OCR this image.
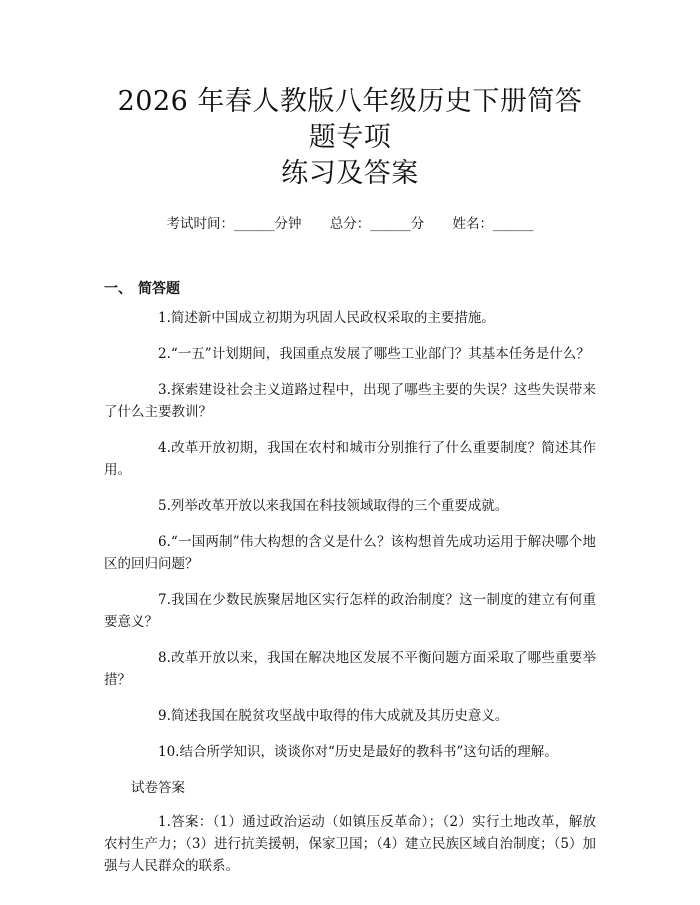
2026 年春人教版八年级历史下册简答题专项
练习及答案
考试时间：______分钟 总分：______分 姓名：______
一、 简答题

1.简述新中国成立初期为巩固人民政权采取的主要措施。

2.“一五”计划期间，我国重点发展了哪些工业部门？其基本任务是什么？

3.探索建设社会主义道路过程中，出现了哪些主要的失误？这些失误带来了什么主要教训？

4.改革开放初期，我国在农村和城市分别推行了什么重要制度？简述其作用。

5.列举改革开放以来我国在科技领域取得的三个重要成就。

6.“一国两制”伟大构想的含义是什么？该构想首先成功运用于解决哪个地区的回归问题？

7.我国在少数民族聚居地区实行怎样的政治制度？这一制度的建立有何重要意义？

8.改革开放以来，我国在解决地区发展不平衡问题方面采取了哪些重要举措？

9.简述我国在脱贫攻坚战中取得的伟大成就及其历史意义。

10.结合所学知识，谈谈你对“历史是最好的教科书”这句话的理解。

试卷答案

1.答案：（1）通过政治运动（如镇压反革命）；（2）实行土地改革，解放农村生产力；（3）进行抗美援朝，保家卫国；（4）建立民族区域自治制度；（5）加强与人民群众的联系。
